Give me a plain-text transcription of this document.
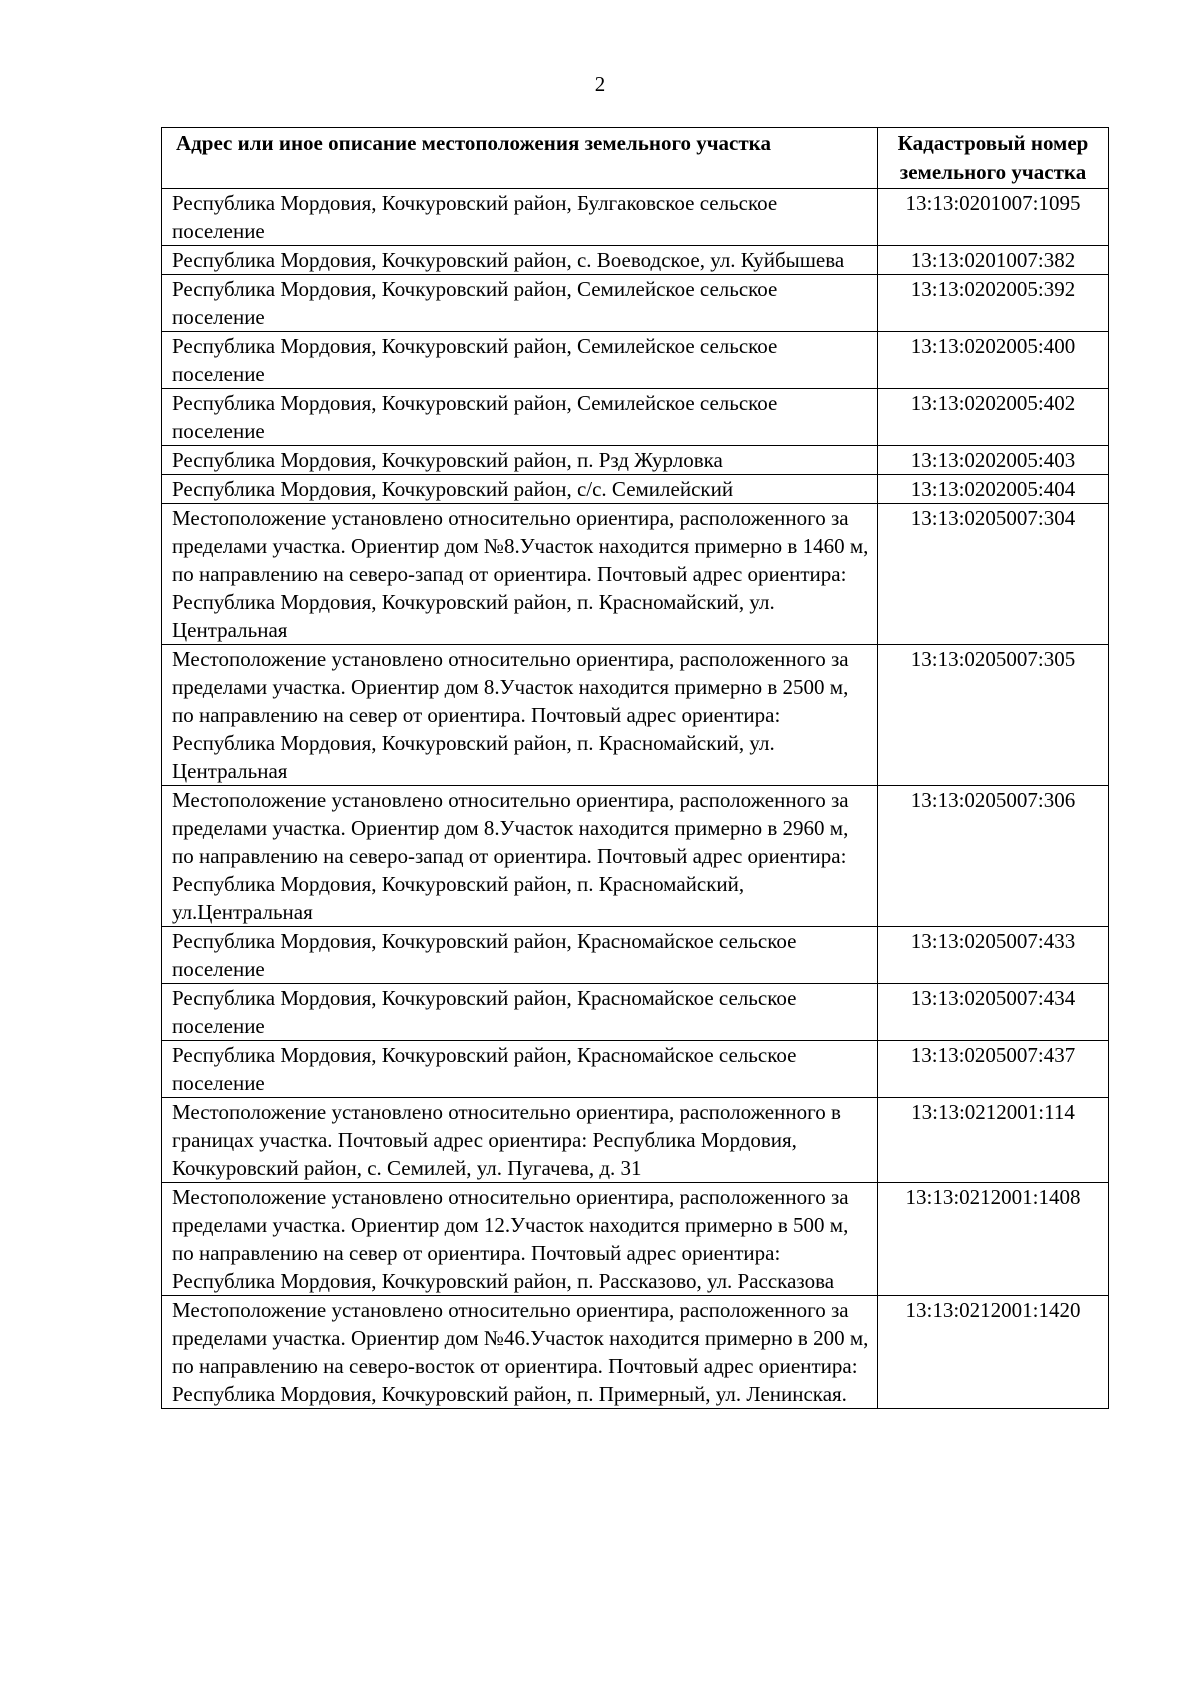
2
Адрес или иное описание местоположения земельного участка	Кадастровый номер земельного участка
Республика Мордовия, Кочкуровский район, Булгаковское сельское поселение	13:13:0201007:1095
Республика Мордовия, Кочкуровский район, с. Воеводское, ул. Куйбышева	13:13:0201007:382
Республика Мордовия, Кочкуровский район, Семилейское сельское поселение	13:13:0202005:392
Республика Мордовия, Кочкуровский район, Семилейское сельское поселение	13:13:0202005:400
Республика Мордовия, Кочкуровский район, Семилейское сельское поселение	13:13:0202005:402
Республика Мордовия, Кочкуровский район, п. Рзд Журловка	13:13:0202005:403
Республика Мордовия, Кочкуровский район, с/с. Семилейский	13:13:0202005:404
Местоположение установлено относительно ориентира, расположенного за пределами участка. Ориентир дом №8.Участок находится примерно в 1460 м, по направлению на северо-запад от ориентира. Почтовый адрес ориентира: Республика Мордовия, Кочкуровский район, п. Красномайский, ул. Центральная	13:13:0205007:304
Местоположение установлено относительно ориентира, расположенного за пределами участка. Ориентир дом 8.Участок находится примерно в 2500 м, по направлению на север от ориентира. Почтовый адрес ориентира: Республика Мордовия, Кочкуровский район, п. Красномайский, ул. Центральная	13:13:0205007:305
Местоположение установлено относительно ориентира, расположенного за пределами участка. Ориентир дом 8.Участок находится примерно в 2960 м, по направлению на северо-запад от ориентира. Почтовый адрес ориентира: Республика Мордовия, Кочкуровский район, п. Красномайский, ул.Центральная	13:13:0205007:306
Республика Мордовия, Кочкуровский район, Красномайское сельское поселение	13:13:0205007:433
Республика Мордовия, Кочкуровский район, Красномайское сельское поселение	13:13:0205007:434
Республика Мордовия, Кочкуровский район, Красномайское сельское поселение	13:13:0205007:437
Местоположение установлено относительно ориентира, расположенного в границах участка. Почтовый адрес ориентира: Республика Мордовия, Кочкуровский район, с. Семилей, ул. Пугачева, д. 31	13:13:0212001:114
Местоположение установлено относительно ориентира, расположенного за пределами участка. Ориентир дом 12.Участок находится примерно в 500 м, по направлению на север от ориентира. Почтовый адрес ориентира: Республика Мордовия, Кочкуровский район, п. Рассказово, ул. Рассказова	13:13:0212001:1408
Местоположение установлено относительно ориентира, расположенного за пределами участка. Ориентир дом №46.Участок находится примерно в 200 м, по направлению на северо-восток от ориентира. Почтовый адрес ориентира: Республика Мордовия, Кочкуровский район, п. Примерный, ул. Ленинская.	13:13:0212001:1420
